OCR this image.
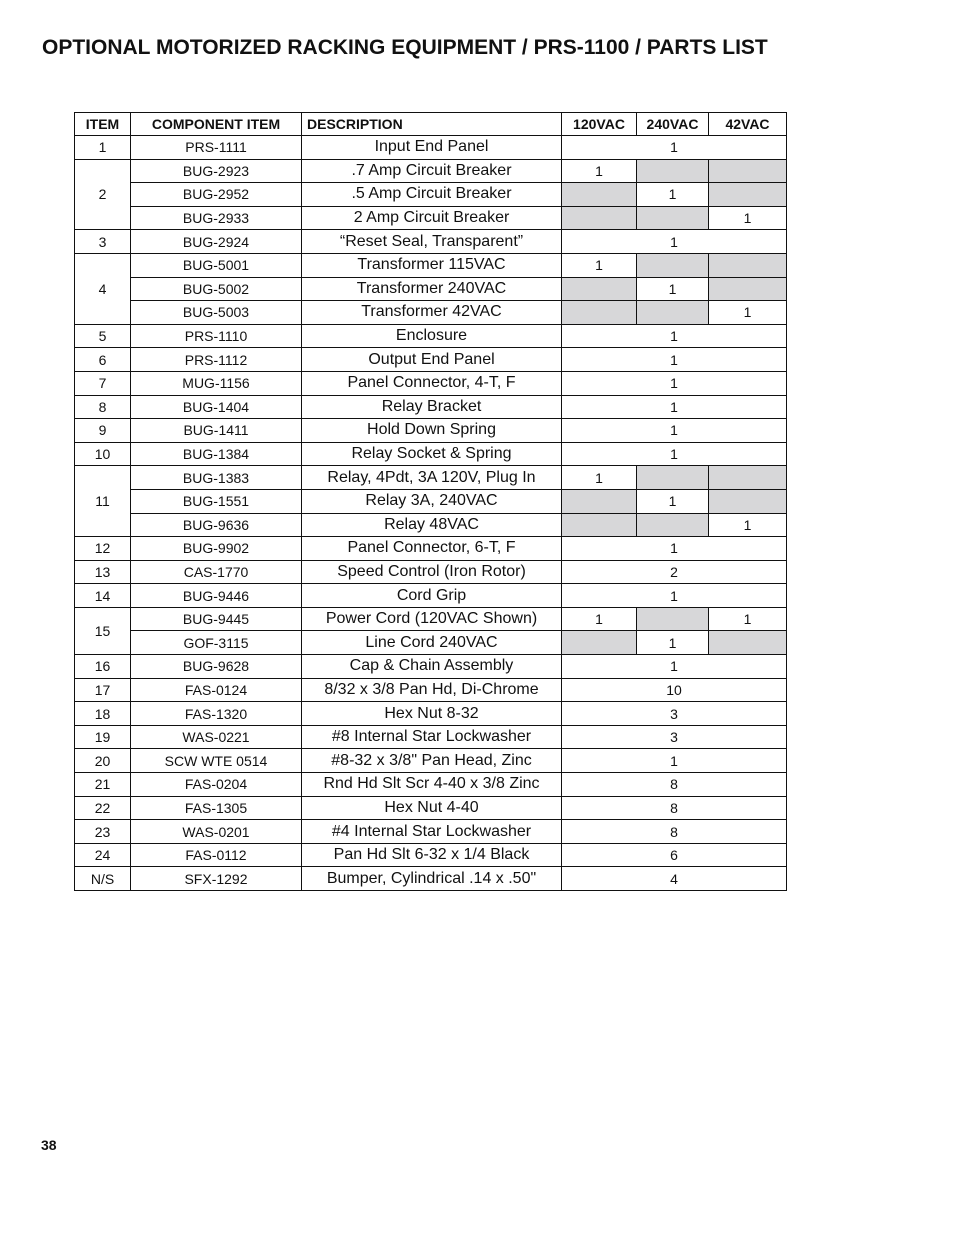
OPTIONAL MOTORIZED RACKING EQUIPMENT / PRS-1100 / PARTS LIST
ITEM	COMPONENT ITEM	DESCRIPTION	120VAC	240VAC	42VAC
1	PRS-1111	Input End Panel	1		
2	BUG-2923	.7 Amp Circuit Breaker	1		
	BUG-2952	.5 Amp Circuit Breaker		1	
	BUG-2933	2 Amp Circuit Breaker			1
3	BUG-2924	“Reset Seal, Transparent”	1		
4	BUG-5001	Transformer 115VAC	1		
	BUG-5002	Transformer 240VAC		1	
	BUG-5003	Transformer 42VAC			1
5	PRS-1110	Enclosure	1		
6	PRS-1112	Output End Panel	1		
7	MUG-1156	Panel Connector, 4-T, F	1		
8	BUG-1404	Relay Bracket	1		
9	BUG-1411	Hold Down Spring	1		
10	BUG-1384	Relay Socket & Spring	1		
11	BUG-1383	Relay, 4Pdt, 3A 120V, Plug In	1		
	BUG-1551	Relay 3A, 240VAC		1	
	BUG-9636	Relay 48VAC			1
12	BUG-9902	Panel Connector, 6-T, F	1		
13	CAS-1770	Speed Control (Iron Rotor)	2		
14	BUG-9446	Cord Grip	1		
15	BUG-9445	Power Cord (120VAC Shown)	1		1
	GOF-3115	Line Cord 240VAC		1	
16	BUG-9628	Cap & Chain Assembly	1		
17	FAS-0124	8/32 x 3/8 Pan Hd, Di-Chrome	10		
18	FAS-1320	Hex Nut 8-32	3		
19	WAS-0221	#8 Internal Star Lockwasher	3		
20	SCW WTE 0514	#8-32 x 3/8" Pan Head, Zinc	1		
21	FAS-0204	Rnd Hd Slt Scr 4-40 x 3/8 Zinc	8		
22	FAS-1305	Hex Nut 4-40	8		
23	WAS-0201	#4 Internal Star Lockwasher	8		
24	FAS-0112	Pan Hd Slt 6-32 x 1/4 Black	6		
N/S	SFX-1292	Bumper, Cylindrical .14 x .50"	4		
38
